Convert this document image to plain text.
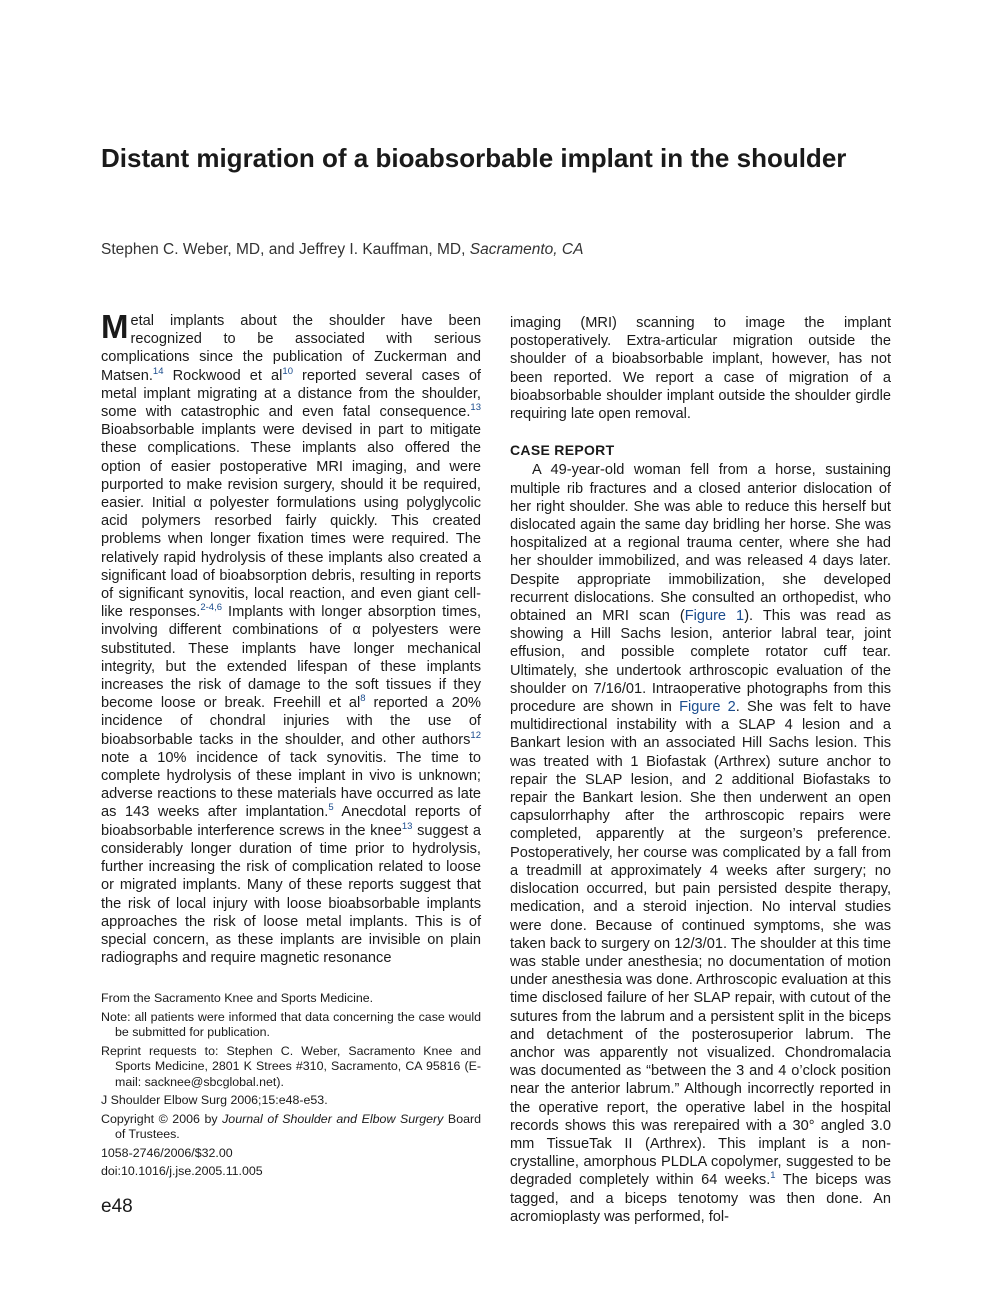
Distant migration of a bioabsorbable implant in the shoulder
Stephen C. Weber, MD, and Jeffrey I. Kauffman, MD, Sacramento, CA

Metal implants about the shoulder have been recognized to be associated with serious complications since the publication of Zuckerman and Matsen.$^{14}$ Rockwood et $al^{10}$ reported several cases of metal implant migrating at a distance from the shoulder, some with catastrophic and even fatal consequence.$^{13}$ Bioabsorbable implants were devised in part to mitigate these complications. These implants also offered the option of easier postoperative MRI imaging, and were purported to make revision surgery, should it be required, easier. Initial α polyester formulations using polyglycolic acid polymers resorbed fairly quickly. This created problems when longer fixation times were required. The relatively rapid hydrolysis of these implants also created a significant load of bioabsorption debris, resulting in reports of significant synovitis, local reaction, and even giant cell-like responses.$^{2-4,6}$ Implants with longer absorption times, involving different combinations of α polyesters were substituted. These implants have longer mechanical integrity, but the extended lifespan of these implants increases the risk of damage to the soft tissues if they become loose or break. Freehill et $al^8$ reported a 20% incidence of chondral injuries with the use of bioabsorbable tacks in the shoulder, and other authors$^{12}$ note a 10% incidence of tack synovitis. The time to complete hydrolysis of these implant in vivo is unknown; adverse reactions to these materials have occurred as late as 143 weeks after implantation.$^5$ Anecdotal reports of bioabsorbable interference screws in the knee$^{13}$ suggest a considerably longer duration of time prior to hydrolysis, further increasing the risk of complication related to loose or migrated implants. Many of these reports suggest that the risk of local injury with loose bioabsorbable implants approaches the risk of loose metal implants. This is of special concern, as these implants are invisible on plain radiographs and require magnetic resonance

imaging (MRI) scanning to image the implant postoperatively. Extra-articular migration outside the shoulder of a bioabsorbable implant, however, has not been reported. We report a case of migration of a bioabsorbable shoulder implant outside the shoulder girdle requiring late open removal.

CASE REPORT

A 49-year-old woman fell from a horse, sustaining multiple rib fractures and a closed anterior dislocation of her right shoulder. She was able to reduce this herself but dislocated again the same day bridling her horse. She was hospitalized at a regional trauma center, where she had her shoulder immobilized, and was released 4 days later. Despite appropriate immobilization, she developed recurrent dislocations. She consulted an orthopedist, who obtained an MRI scan (Figure 1). This was read as showing a Hill Sachs lesion, anterior labral tear, joint effusion, and possible complete rotator cuff tear. Ultimately, she undertook arthroscopic evaluation of the shoulder on 7/16/01. Intraoperative photographs from this procedure are shown in Figure 2. She was felt to have multidirectional instability with a SLAP 4 lesion and a Bankart lesion with an associated Hill Sachs lesion. This was treated with 1 Biofastak (Arthrex) suture anchor to repair the SLAP lesion, and 2 additional Biofastaks to repair the Bankart lesion. She then underwent an open capsulorrhaphy after the arthroscopic repairs were completed, apparently at the surgeon’s preference. Postoperatively, her course was complicated by a fall from a treadmill at approximately 4 weeks after surgery; no dislocation occurred, but pain persisted despite therapy, medication, and a steroid injection. No interval studies were done. Because of continued symptoms, she was taken back to surgery on 12/3/01. The shoulder at this time was stable under anesthesia; no documentation of motion under anesthesia was done. Arthroscopic evaluation at this time disclosed failure of her SLAP repair, with cutout of the sutures from the labrum and a persistent split in the biceps and detachment of the posterosuperior labrum. The anchor was apparently not visualized. Chondromalacia was documented as “between the 3 and 4 o’clock position near the anterior labrum.” Although incorrectly reported in the operative report, the operative label in the hospital records shows this was rerepaired with a 30° angled 3.0 mm TissueTak II (Arthrex). This implant is a non-crystalline, amorphous PLDLA copolymer, suggested to be degraded completely within 64 weeks.$^1$ The biceps was tagged, and a biceps tenotomy was then done. An acromioplasty was performed, fol-

From the Sacramento Knee and Sports Medicine.

Note: all patients were informed that data concerning the case would be submitted for publication.

Reprint requests to: Stephen C. Weber, Sacramento Knee and Sports Medicine, 2801 K Strees #310, Sacramento, CA 95816 (E-mail: sacknee@sbcglobal.net).

J Shoulder Elbow Surg 2006;15:e48-e53.

Copyright © 2006 by Journal of Shoulder and Elbow Surgery Board of Trustees.

1058-2746/2006/$32.00

doi:10.1016/j.jse.2005.11.005

e48
